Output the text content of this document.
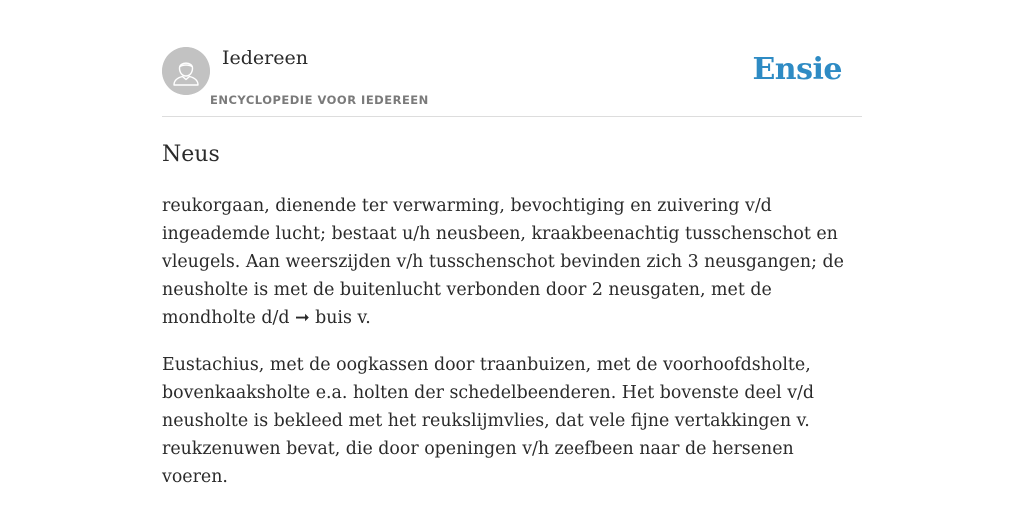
Iedereen
ENCYCLOPEDIE VOOR IEDEREEN
Ensie
Neus

reukorgaan, dienende ter verwarming, bevochtiging en zuivering v/d ingeademde lucht; bestaat u/h neusbeen, kraakbeenachtig tusschenschot en vleugels. Aan weerszijden v/h tusschenschot bevinden zich 3 neusgangen; de neusholte is met de buitenlucht verbonden door 2 neusgaten, met de mondholte d/d ➞ buis v.

Eustachius, met de oogkassen door traanbuizen, met de voorhoofdsholte, bovenkaaksholte e.a. holten der schedelbeenderen. Het bovenste deel v/d neusholte is bekleed met het reukslijmvlies, dat vele fijne vertakkingen v. reukzenuwen bevat, die door openingen v/h zeefbeen naar de hersenen voeren.
